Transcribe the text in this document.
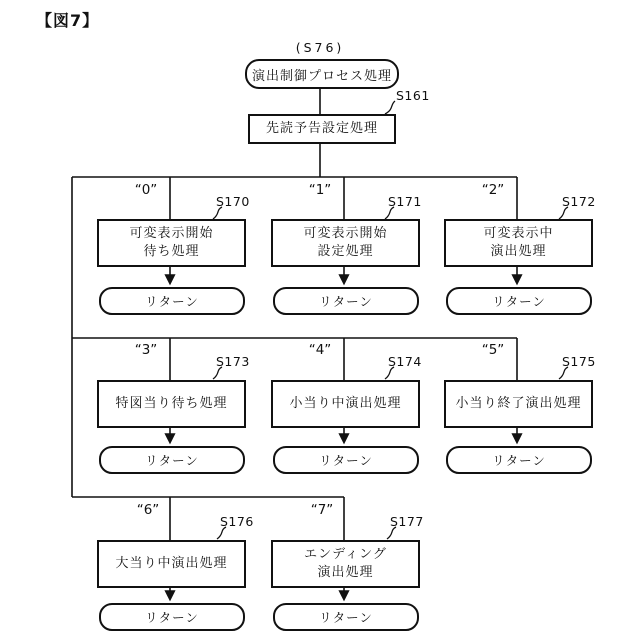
【図7】
(S76)
演出制御プロセス処理
S161
先読予告設定処理
“0”
S170
可変表示開始
待ち処理
リターン
“1”
S171
可変表示開始
設定処理
リターン
“2”
S172
可変表示中
演出処理
リターン
“3”
S173
特図当り待ち処理
リターン
“4”
S174
小当り中演出処理
リターン
“5”
S175
小当り終了演出処理
リターン
“6”
S176
大当り中演出処理
リターン
“7”
S177
エンディング
演出処理
リターン
